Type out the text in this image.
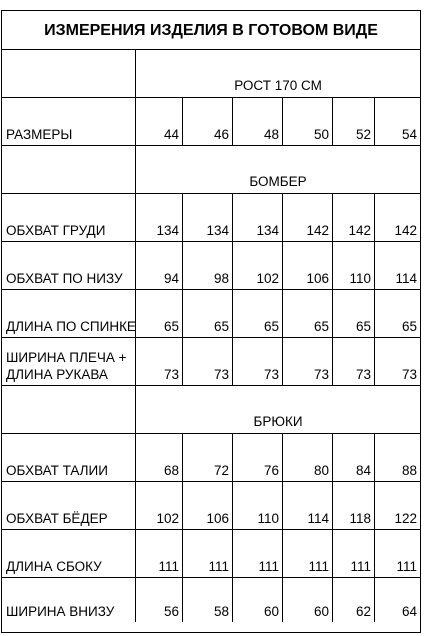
ИЗМЕРЕНИЯ ИЗДЕЛИЯ В ГОТОВОМ ВИДЕ
РОСТ 170 СМ
РАЗМЕРЫ	44	46	48	50 52 54
БОМБЕР
ОБХВАТ ГРУДИ	134 134 134 142 142 142
ОБХВАТ ПО НИЗУ	94	98 102 106 110 114
ДЛИНА ПО СПИНКЕ 65	65	65	65 65 65
ШИРИНА ПЛЕЧА +
ДЛИНА РУКАВА	73	73	73	73 73 73
БРЮКИ
ОБХВАТ ТАЛИИ	68	72	76	80 84 88
ОБХВАТ БЁДЕР	102 106 110 114 118 122
ДЛИНА СБОКУ	111 111 111 111 111 111
ШИРИНА ВНИЗУ	56	58	60	60 62 64
